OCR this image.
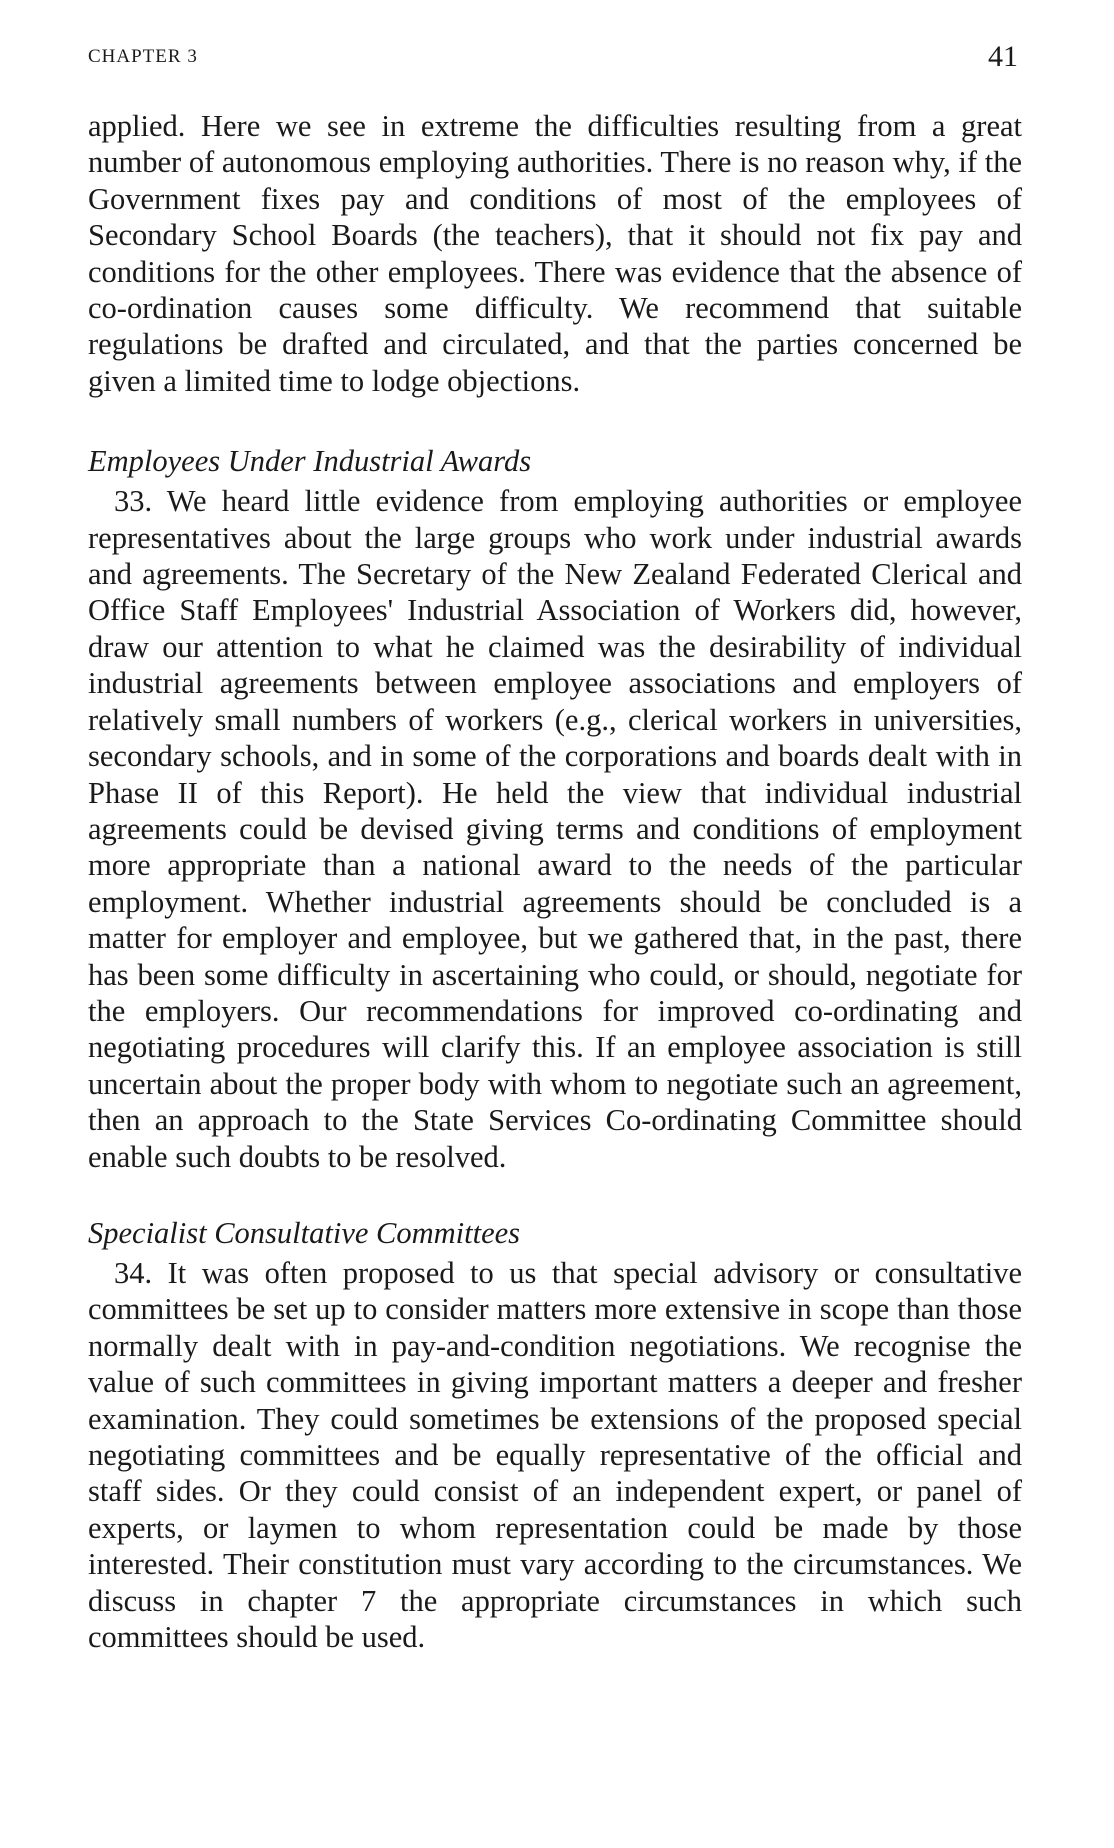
CHAPTER 3	41

applied. Here we see in extreme the difficulties resulting from a great number of autonomous employing authorities. There is no reason why, if the Government fixes pay and conditions of most of the employees of Secondary School Boards (the teachers), that it should not fix pay and conditions for the other employees. There was evidence that the absence of co-ordination causes some difficulty. We recommend that suitable regulations be drafted and circulated, and that the parties concerned be given a limited time to lodge objections.

Employees Under Industrial Awards

33. We heard little evidence from employing authorities or employee representatives about the large groups who work under industrial awards and agreements. The Secretary of the New Zealand Federated Clerical and Office Staff Employees' Industrial Association of Workers did, however, draw our attention to what he claimed was the desirability of individual industrial agreements between employee associations and employers of relatively small numbers of workers (e.g., clerical workers in universities, secondary schools, and in some of the corporations and boards dealt with in Phase II of this Report). He held the view that individual industrial agreements could be devised giving terms and conditions of employment more appropriate than a national award to the needs of the particular employment. Whether industrial agreements should be concluded is a matter for employer and employee, but we gathered that, in the past, there has been some difficulty in ascertaining who could, or should, negotiate for the employers. Our recommendations for improved co-ordinating and negotiating procedures will clarify this. If an employee association is still uncertain about the proper body with whom to negotiate such an agreement, then an approach to the State Services Co-ordinating Committee should enable such doubts to be resolved.

Specialist Consultative Committees

34. It was often proposed to us that special advisory or consultative committees be set up to consider matters more extensive in scope than those normally dealt with in pay-and-condition negotiations. We recognise the value of such committees in giving important matters a deeper and fresher examination. They could sometimes be extensions of the proposed special negotiating committees and be equally representative of the official and staff sides. Or they could consist of an independent expert, or panel of experts, or laymen to whom representation could be made by those interested. Their constitution must vary according to the circumstances. We discuss in chapter 7 the appropriate circumstances in which such committees should be used.
